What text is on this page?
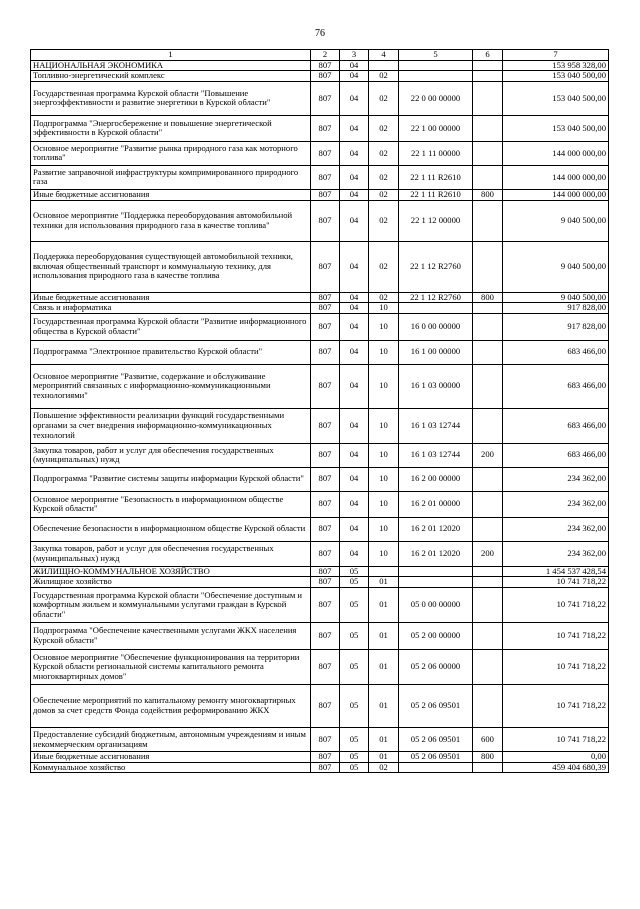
76
1	2	3	4	5	6	7
НАЦИОНАЛЬНАЯ ЭКОНОМИКА	807	04				153 958 328,00
Топливно-энергетический комплекс	807	04	02			153 040 500,00
Государственная программа Курской области "Повышение энергоэффективности и развитие энергетики в Курской области"	807	04	02	22 0 00 00000		153 040 500,00
Подпрограмма "Энергосбережение и повышение энергетической эффективности в Курской области"	807	04	02	22 1 00 00000		153 040 500,00
Основное мероприятие "Развитие рынка природного газа как моторного топлива"	807	04	02	22 1 11 00000		144 000 000,00
Развитие заправочной инфраструктуры компримированного природного газа	807	04	02	22 1 11 R2610		144 000 000,00
Иные бюджетные ассигнования	807	04	02	22 1 11 R2610	800	144 000 000,00
Основное мероприятие "Поддержка переоборудования автомобильной техники для использования природного газа в качестве топлива"	807	04	02	22 1 12 00000		9 040 500,00
Поддержка переоборудования существующей автомобильной техники, включая общественный транспорт и коммунальную технику, для использования природного газа в качестве топлива	807	04	02	22 1 12 R2760		9 040 500,00
Иные бюджетные ассигнования	807	04	02	22 1 12 R2760	800	9 040 500,00
Связь и информатика	807	04	10			917 828,00
Государственная программа Курской области "Развитие информационного общества в Курской области"	807	04	10	16 0 00 00000		917 828,00
Подпрограмма "Электронное правительство Курской области"	807	04	10	16 1 00 00000		683 466,00
Основное мероприятие "Развитие, содержание и обслуживание мероприятий связанных с информационно-коммуникационными технологиями"	807	04	10	16 1 03 00000		683 466,00
Повышение эффективности реализации функций государственными органами за счет внедрения информационно-коммуникационных технологий	807	04	10	16 1 03 12744		683 466,00
Закупка товаров, работ и услуг для обеспечения государственных (муниципальных) нужд	807	04	10	16 1 03 12744	200	683 466,00
Подпрограмма "Развитие системы защиты информации Курской области"	807	04	10	16 2 00 00000		234 362,00
Основное мероприятие "Безопасность в информационном обществе Курской области"	807	04	10	16 2 01 00000		234 362,00
Обеспечение безопасности в информационном обществе Курской области	807	04	10	16 2 01 12020		234 362,00
Закупка товаров, работ и услуг для обеспечения государственных (муниципальных) нужд	807	04	10	16 2 01 12020	200	234 362,00
ЖИЛИЩНО-КОММУНАЛЬНОЕ ХОЗЯЙСТВО	807	05				1 454 537 428,54
Жилищное хозяйство	807	05	01			10 741 718,22
Государственная программа Курской области "Обеспечение доступным и комфортным жильем и коммунальными услугами граждан в Курской области"	807	05	01	05 0 00 00000		10 741 718,22
Подпрограмма "Обеспечение качественными услугами ЖКХ населения Курской области"	807	05	01	05 2 00 00000		10 741 718,22
Основное мероприятие "Обеспечение функционирования на территории Курской области региональной системы капитального ремонта многоквартирных домов"	807	05	01	05 2 06 00000		10 741 718,22
Обеспечение мероприятий по капитальному ремонту многоквартирных домов за счет средств Фонда содействия реформированию ЖКХ	807	05	01	05 2 06 09501		10 741 718,22
Предоставление субсидий бюджетным, автономным учреждениям и иным некоммерческим организациям	807	05	01	05 2 06 09501	600	10 741 718,22
Иные бюджетные ассигнования	807	05	01	05 2 06 09501	800	0,00
Коммунальное хозяйство	807	05	02			459 404 680,39
